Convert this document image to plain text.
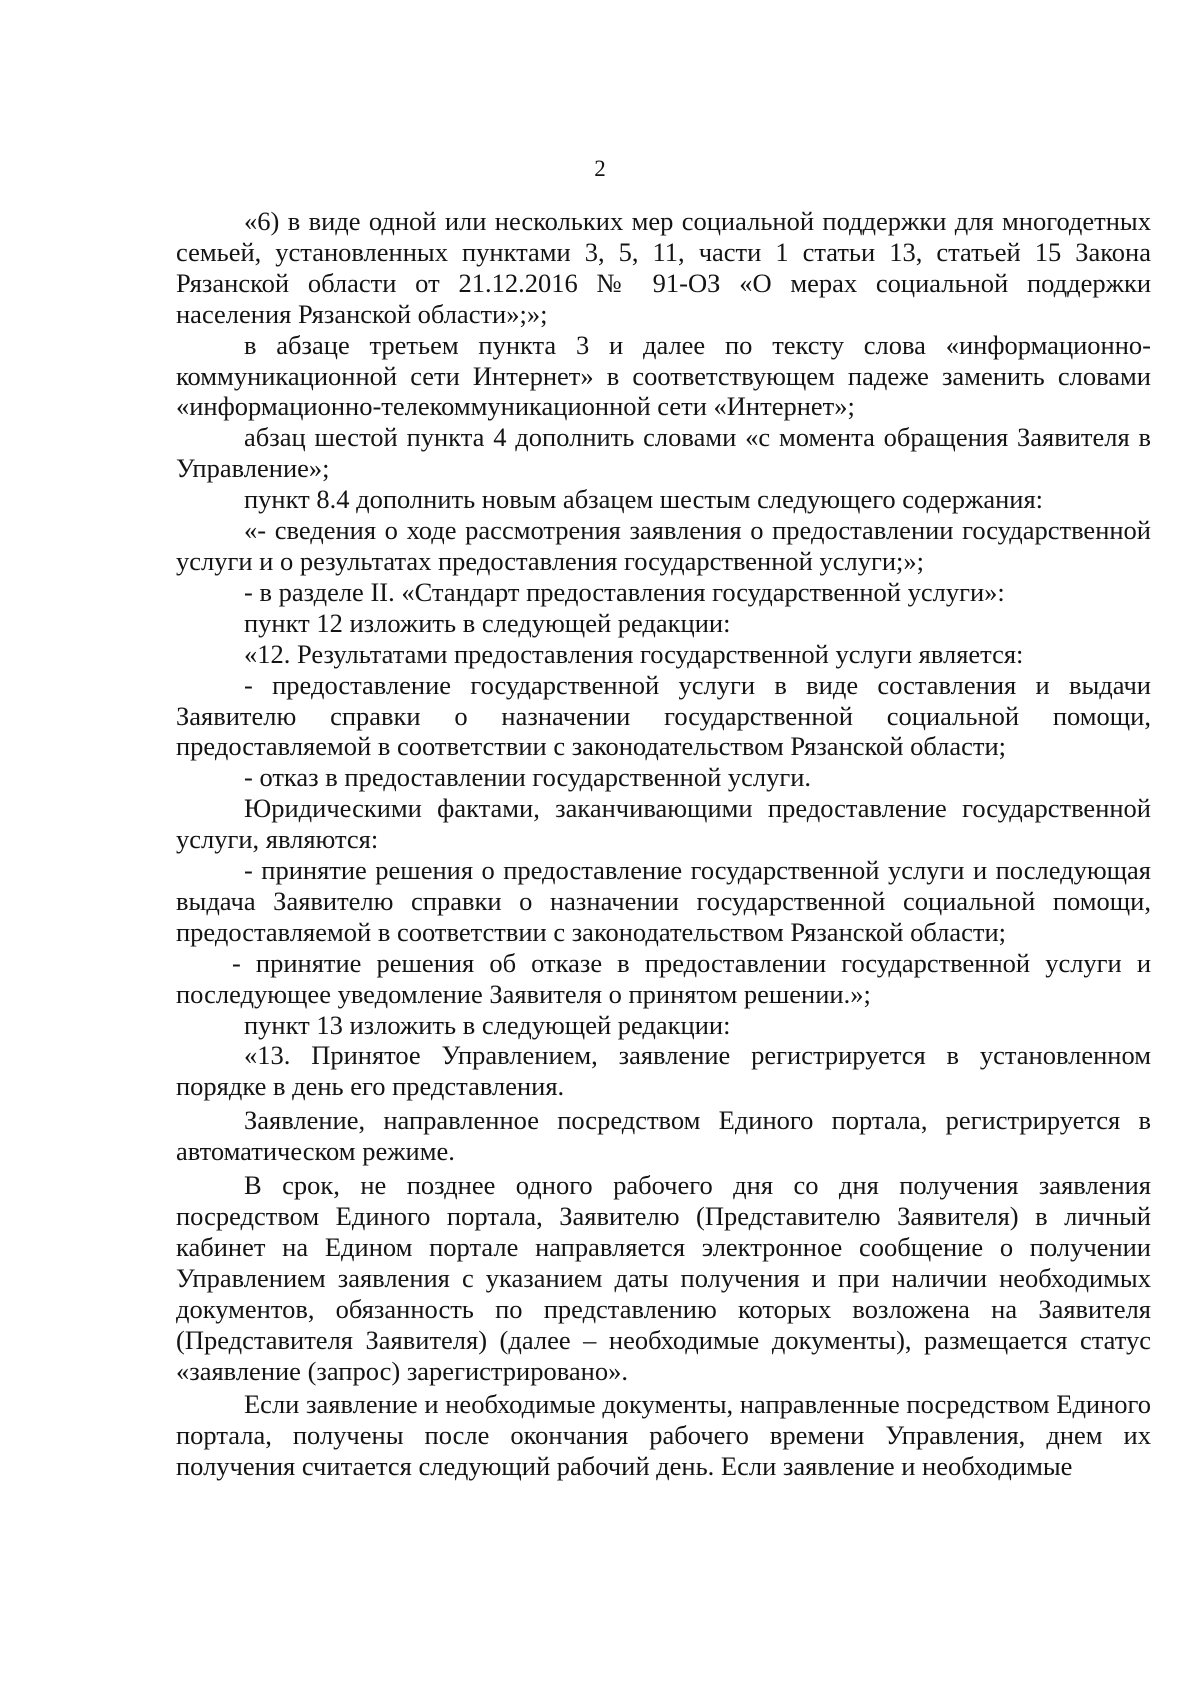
2

«6) в виде одной или нескольких мер социальной поддержки для многодетных семьей, установленных пунктами 3, 5, 11, части 1 статьи 13, статьей 15 Закона Рязанской области от 21.12.2016 № 91-ОЗ «О мерах социальной поддержки населения Рязанской области»;»;

в абзаце третьем пункта 3 и далее по тексту слова «информационно-коммуникационной сети Интернет» в соответствующем падеже заменить словами «информационно-телекоммуникационной сети «Интернет»;

абзац шестой пункта 4 дополнить словами «с момента обращения Заявителя в Управление»;

пункт 8.4 дополнить новым абзацем шестым следующего содержания:

«- сведения о ходе рассмотрения заявления о предоставлении государственной услуги и о результатах предоставления государственной услуги;»;

- в разделе II. «Стандарт предоставления государственной услуги»:

пункт 12 изложить в следующей редакции:

«12. Результатами предоставления государственной услуги является:

- предоставление государственной услуги в виде составления и выдачи Заявителю справки о назначении государственной социальной помощи, предоставляемой в соответствии с законодательством Рязанской области;

- отказ в предоставлении государственной услуги.

Юридическими фактами, заканчивающими предоставление государственной услуги, являются:

- принятие решения о предоставление государственной услуги и последующая выдача Заявителю справки о назначении государственной социальной помощи, предоставляемой в соответствии с законодательством Рязанской области;

- принятие решения об отказе в предоставлении государственной услуги и последующее уведомление Заявителя о принятом решении.»;

пункт 13 изложить в следующей редакции:

«13. Принятое Управлением, заявление регистрируется в установленном порядке в день его представления.

Заявление, направленное посредством Единого портала, регистрируется в автоматическом режиме.

В срок, не позднее одного рабочего дня со дня получения заявления посредством Единого портала, Заявителю (Представителю Заявителя) в личный кабинет на Едином портале направляется электронное сообщение о получении Управлением заявления с указанием даты получения и при наличии необходимых документов, обязанность по представлению которых возложена на Заявителя (Представителя Заявителя) (далее – необходимые документы), размещается статус «заявление (запрос) зарегистрировано».

Если заявление и необходимые документы, направленные посредством Единого портала, получены после окончания рабочего времени Управления, днем их получения считается следующий рабочий день. Если заявление и необходимые
